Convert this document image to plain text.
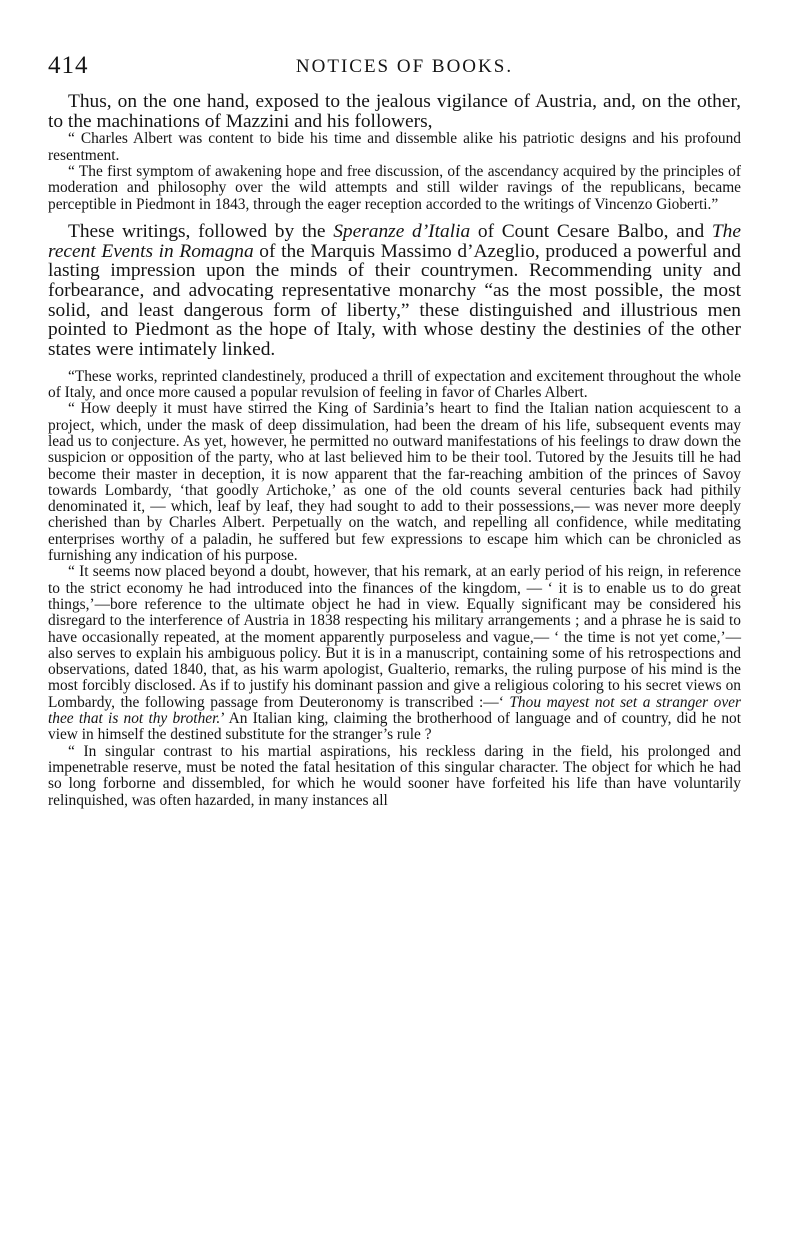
414	NOTICES OF BOOKS.

Thus, on the one hand, exposed to the jealous vigilance of Austria, and, on the other, to the machinations of Mazzini and his followers,

“ Charles Albert was content to bide his time and dissemble alike his patriotic designs and his profound resentment.

“ The first symptom of awakening hope and free discussion, of the ascendancy acquired by the principles of moderation and philosophy over the wild attempts and still wilder ravings of the republicans, became perceptible in Piedmont in 1843, through the eager reception accorded to the writings of Vincenzo Gioberti.”

These writings, followed by the Speranze d’Italia of Count Cesare Balbo, and The recent Events in Romagna of the Marquis Massimo d’Azeglio, produced a powerful and lasting impression upon the minds of their countrymen. Recommending unity and forbearance, and advocating representative monarchy “as the most possible, the most solid, and least dangerous form of liberty,” these distinguished and illustrious men pointed to Piedmont as the hope of Italy, with whose destiny the destinies of the other states were intimately linked.

“These works, reprinted clandestinely, produced a thrill of expectation and excitement throughout the whole of Italy, and once more caused a popular revulsion of feeling in favor of Charles Albert.

“ How deeply it must have stirred the King of Sardinia’s heart to find the Italian nation acquiescent to a project, which, under the mask of deep dissimulation, had been the dream of his life, subsequent events may lead us to conjecture. As yet, however, he permitted no outward manifestations of his feelings to draw down the suspicion or opposition of the party, who at last believed him to be their tool. Tutored by the Jesuits till he had become their master in deception, it is now apparent that the far-reaching ambition of the princes of Savoy towards Lombardy, ‘that goodly Artichoke,’ as one of the old counts several centuries back had pithily denominated it, — which, leaf by leaf, they had sought to add to their possessions,— was never more deeply cherished than by Charles Albert. Perpetually on the watch, and repelling all confidence, while meditating enterprises worthy of a paladin, he suffered but few expressions to escape him which can be chronicled as furnishing any indication of his purpose.

“ It seems now placed beyond a doubt, however, that his remark, at an early period of his reign, in reference to the strict economy he had introduced into the finances of the kingdom, — ‘ it is to enable us to do great things,’—bore reference to the ultimate object he had in view. Equally significant may be considered his disregard to the interference of Austria in 1838 respecting his military arrangements ; and a phrase he is said to have occasionally repeated, at the moment apparently purposeless and vague,— ‘ the time is not yet come,’—also serves to explain his ambiguous policy. But it is in a manuscript, containing some of his retrospections and observations, dated 1840, that, as his warm apologist, Gualterio, remarks, the ruling purpose of his mind is the most forcibly disclosed. As if to justify his dominant passion and give a religious coloring to his secret views on Lombardy, the following passage from Deuteronomy is transcribed :—‘ Thou mayest not set a stranger over thee that is not thy brother.’ An Italian king, claiming the brotherhood of language and of country, did he not view in himself the destined substitute for the stranger’s rule ?

“ In singular contrast to his martial aspirations, his reckless daring in the field, his prolonged and impenetrable reserve, must be noted the fatal hesitation of this singular character. The object for which he had so long forborne and dissembled, for which he would sooner have forfeited his life than have voluntarily relinquished, was often hazarded, in many instances all
